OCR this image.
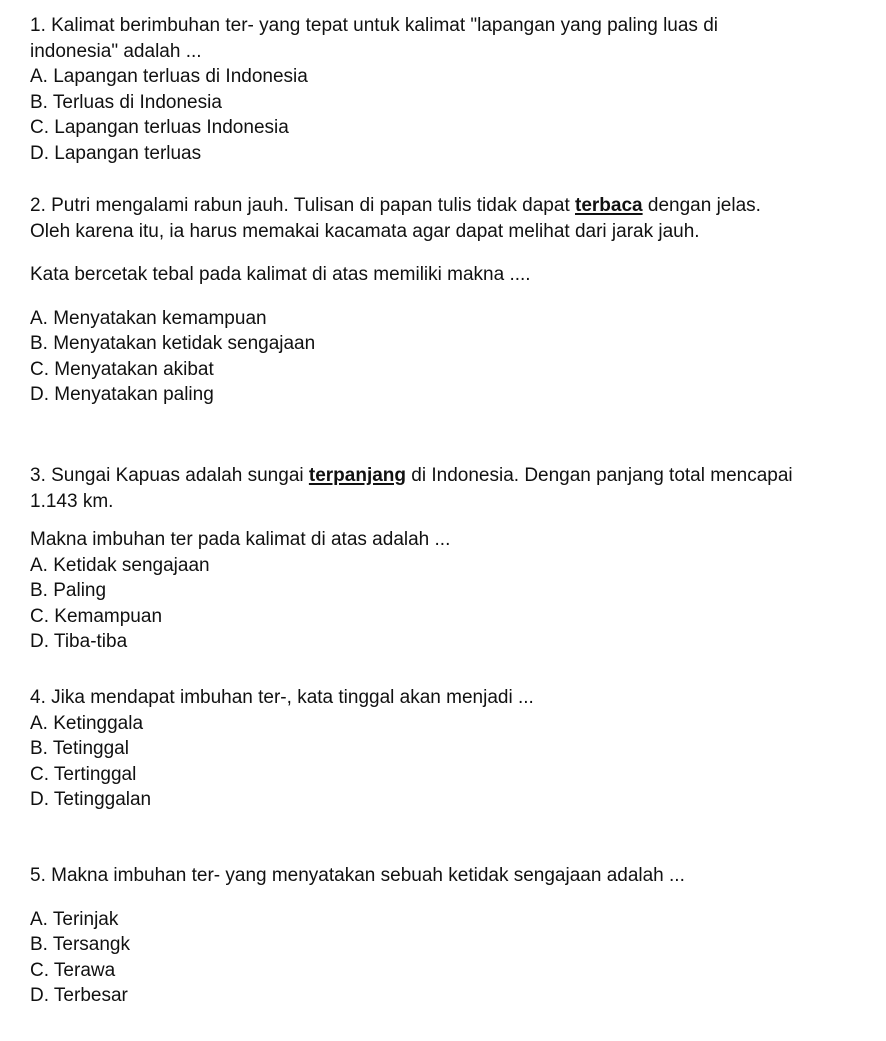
1. Kalimat berimbuhan ter- yang tepat untuk kalimat "lapangan yang paling luas di
indonesia" adalah ...
A. Lapangan terluas di Indonesia
B. Terluas di Indonesia
C. Lapangan terluas Indonesia
D. Lapangan terluas
2. Putri mengalami rabun jauh. Tulisan di papan tulis tidak dapat terbaca dengan jelas.
Oleh karena itu, ia harus memakai kacamata agar dapat melihat dari jarak jauh.
Kata bercetak tebal pada kalimat di atas memiliki makna ....
A. Menyatakan kemampuan
B. Menyatakan ketidak sengajaan
C. Menyatakan akibat
D. Menyatakan paling
3. Sungai Kapuas adalah sungai terpanjang di Indonesia. Dengan panjang total mencapai
1.143 km.
Makna imbuhan ter pada kalimat di atas adalah ...
A. Ketidak sengajaan
B. Paling
C. Kemampuan
D. Tiba-tiba
4. Jika mendapat imbuhan ter-, kata tinggal akan menjadi ...
A. Ketinggala
B. Tetinggal
C. Tertinggal
D. Tetinggalan
5. Makna imbuhan ter- yang menyatakan sebuah ketidak sengajaan adalah ...
A. Terinjak
B. Tersangk
C. Terawa
D. Terbesar
